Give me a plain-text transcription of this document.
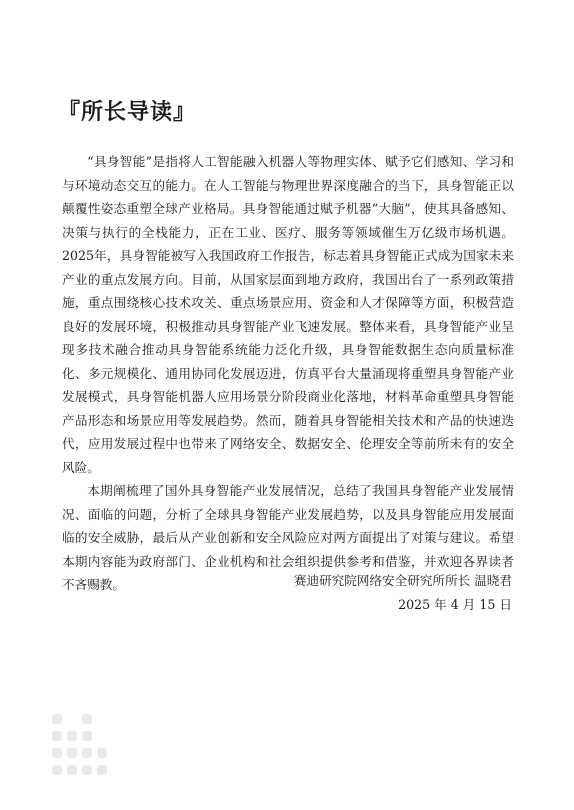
『所长导读』

“具身智能”是指将人工智能融入机器人等物理实体、赋予它们感知、学习和与环境动态交互的能力。在人工智能与物理世界深度融合的当下，具身智能正以颠覆性姿态重塑全球产业格局。具身智能通过赋予机器“大脑”，使其具备感知、决策与执行的全栈能力，正在工业、医疗、服务等领域催生万亿级市场机遇。2025年，具身智能被写入我国政府工作报告，标志着具身智能正式成为国家未来产业的重点发展方向。目前，从国家层面到地方政府，我国出台了一系列政策措施，重点围绕核心技术攻关、重点场景应用、资金和人才保障等方面，积极营造良好的发展环境，积极推动具身智能产业飞速发展。整体来看，具身智能产业呈现多技术融合推动具身智能系统能力泛化升级，具身智能数据生态向质量标准化、多元规模化、通用协同化发展迈进，仿真平台大量涌现将重塑具身智能产业发展模式，具身智能机器人应用场景分阶段商业化落地，材料革命重塑具身智能产品形态和场景应用等发展趋势。然而，随着具身智能相关技术和产品的快速迭代，应用发展过程中也带来了网络安全、数据安全、伦理安全等前所未有的安全风险。

本期阐梳理了国外具身智能产业发展情况，总结了我国具身智能产业发展情况、面临的问题，分析了全球具身智能产业发展趋势，以及具身智能应用发展面临的安全威胁，最后从产业创新和安全风险应对两方面提出了对策与建议。希望本期内容能为政府部门、企业机构和社会组织提供参考和借鉴，并欢迎各界读者不吝赐教。	赛迪研究院网络安全研究所所长 温晓君
2025 年 4 月 15 日
